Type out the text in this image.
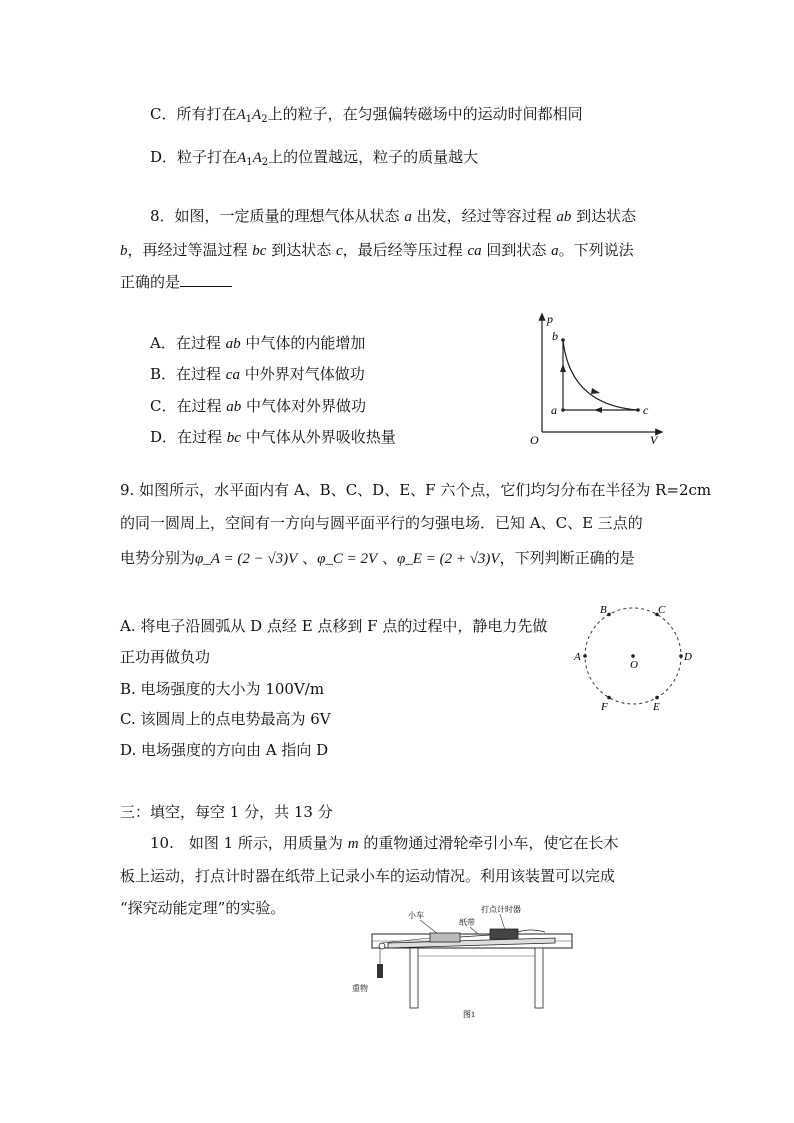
C．所有打在$A_1A_2$上的粒子，在匀强偏转磁场中的运动时间都相同
D．粒子打在$A_1A_2$上的位置越远，粒子的质量越大
8．如图，一定质量的理想气体从状态 a 出发，经过等容过程 ab 到达状态
b，再经过等温过程 bc 到达状态 c，最后经等压过程 ca 回到状态 a。下列说法
正确的是
A．在过程 ab 中气体的内能增加
B．在过程 ca 中外界对气体做功
C．在过程 ab 中气体对外界做功
D．在过程 bc 中气体从外界吸收热量
p
V
O
a
b
c
9. 如图所示，水平面内有 A、B、C、D、E、F 六个点，它们均匀分布在半径为 R=2cm
的同一圆周上，空间有一方向与圆平面平行的匀强电场．已知 A、C、E 三点的
电势分别为φ_A = (2 − √3)V 、φ_C = 2V 、φ_E = (2 + √3)V，下列判断正确的是
A. 将电子沿圆弧从 D 点经 E 点移到 F 点的过程中，静电力先做
正功再做负功
B. 电场强度的大小为 100V/m
C. 该圆周上的点电势最高为 6V
D. 电场强度的方向由 A 指向 D
A	D
B	C
F	E
O
三：填空，每空 1 分，共 13 分
10.　如图 1 所示，用质量为 m 的重物通过滑轮牵引小车，使它在长木
板上运动，打点计时器在纸带上记录小车的运动情况。利用该装置可以完成
“探究动能定理”的实验。	小车
纸带
打点计时器
重物
图1
